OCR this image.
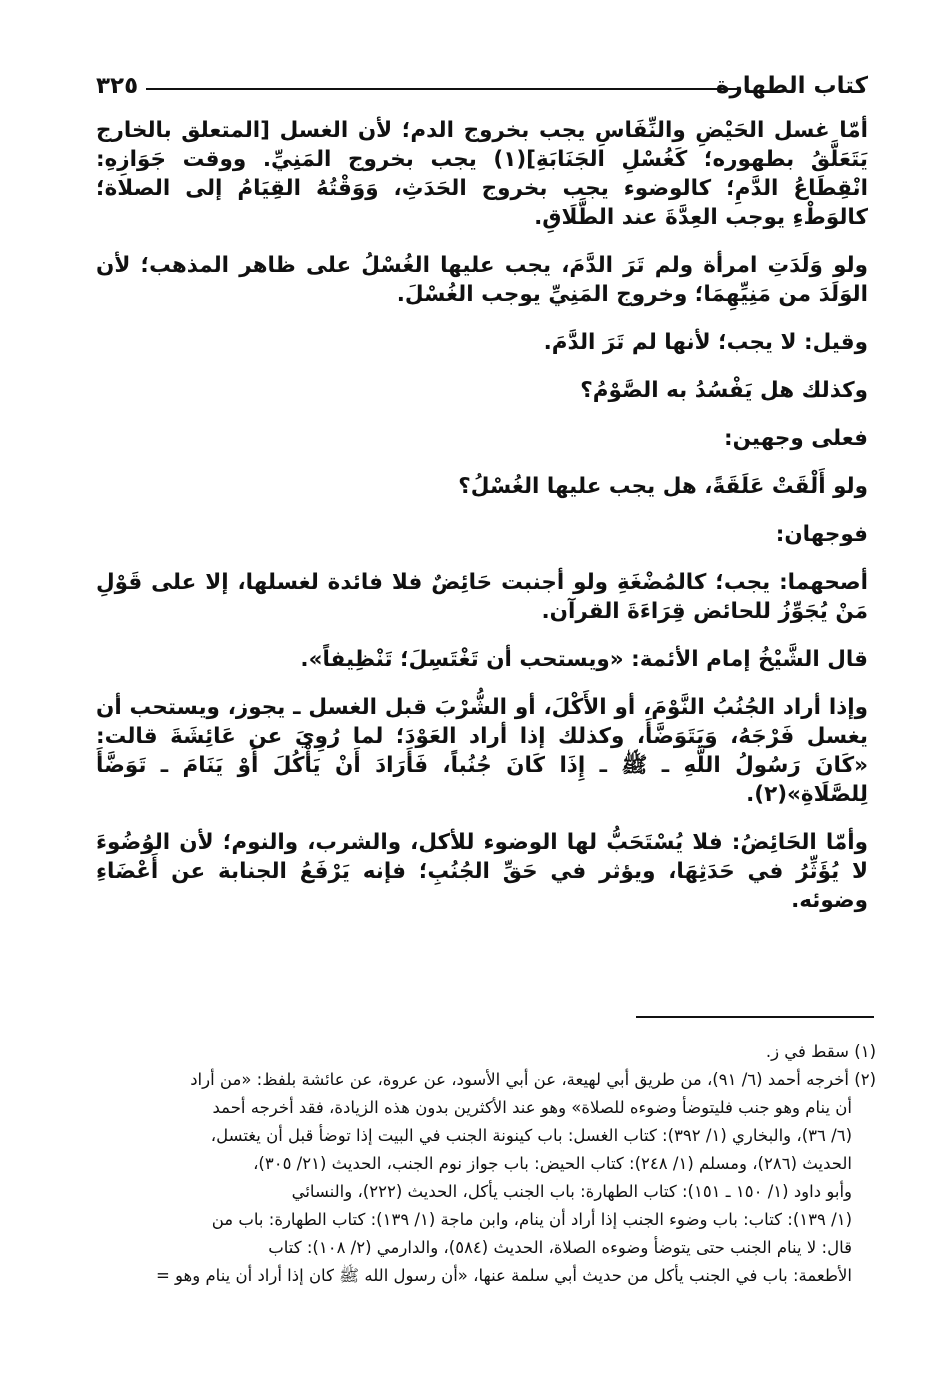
كتاب الطهارة
٣٢٥

أمّا غسل الحَيْضِ والنِّفَاسِ يجب بخروج الدم؛ لأن الغسل [المتعلق بالخارج يَتَعَلَّقُ بطهوره؛ كَغُسْلِ الجَنَابَةِ](١) يجب بخروج المَنِيِّ. ووقت جَوَازِهِ: انْقِطَاعُ الدَّمِ؛ كالوضوء يجب بخروج الحَدَثِ، وَوَقْتُهُ القِيَامُ إلى الصلاة؛ كالوَطْءِ يوجب العِدَّةَ عند الطَّلَاقِ.

ولو وَلَدَتِ امرأة ولم تَرَ الدَّمَ، يجب عليها الغُسْلُ على ظاهر المذهب؛ لأن الوَلَدَ من مَنِيِّهِمَا؛ وخروج المَنِيِّ يوجب الغُسْلَ.

وقيل: لا يجب؛ لأنها لم تَرَ الدَّمَ.

وكذلك هل يَفْسُدُ به الصَّوْمُ؟

فعلى وجهين:

ولو أَلْقَتْ عَلَقَةً، هل يجب عليها الغُسْلُ؟

فوجهان:

أصحهما: يجب؛ كالمُضْغَةِ ولو أجنبت حَائِضٌ فلا فائدة لغسلها، إلا على قَوْلِ مَنْ يُجَوِّزُ للحائض قِرَاءَةَ القرآن.

قال الشَّيْخُ إمام الأئمة: «ويستحب أن تَغْتَسِلَ؛ تَنْظِيفاً».

وإذا أراد الجُنُبُ النَّوْمَ، أو الأَكْلَ، أو الشُّرْبَ قبل الغسل ـ يجوز، ويستحب أن يغسل فَرْجَهُ، وَيَتَوَضَّأَ، وكذلك إذا أراد العَوْدَ؛ لما رُوِيَ عن عَائِشَةَ قالت: «كَانَ رَسُولُ اللَّهِ ـ ﷺ ـ إِذَا كَانَ جُنُباً، فَأَرَادَ أَنْ يَأْكُلَ أَوْ يَنَامَ ـ تَوَضَّأَ لِلصَّلَاةِ»(٢).

وأمّا الحَائِضُ: فلا يُسْتَحَبُّ لها الوضوء للأكل، والشرب، والنوم؛ لأن الوُضُوءَ لا يُؤَثِّرُ في حَدَثِهَا، ويؤثر في حَقِّ الجُنُبِ؛ فإنه يَرْفَعُ الجنابة عن أَعْضَاءِ وضوئه.

(١) سقط في ز.

(٢) أخرجه أحمد (٦/ ٩١)، من طريق أبي لهيعة، عن أبي الأسود، عن عروة، عن عائشة بلفظ: «من أراد

أن ينام وهو جنب فليتوضأ وضوءه للصلاة» وهو عند الأكثرين بدون هذه الزيادة، فقد أخرجه أحمد

(٦/ ٣٦)، والبخاري (١/ ٣٩٢): كتاب الغسل: باب كينونة الجنب في البيت إذا توضأ قبل أن يغتسل،

الحديث (٢٨٦)، ومسلم (١/ ٢٤٨): كتاب الحيض: باب جواز نوم الجنب، الحديث (٢١/ ٣٠٥)،

وأبو داود (١/ ١٥٠ ـ ١٥١): كتاب الطهارة: باب الجنب يأكل، الحديث (٢٢٢)، والنسائي

(١/ ١٣٩): كتاب: باب وضوء الجنب إذا أراد أن ينام، وابن ماجة (١/ ١٣٩): كتاب الطهارة: باب من

قال: لا ينام الجنب حتى يتوضأ وضوءه الصلاة، الحديث (٥٨٤)، والدارمي (٢/ ١٠٨): كتاب

الأطعمة: باب في الجنب يأكل من حديث أبي سلمة عنها، «أن رسول الله ﷺ كان إذا أراد أن ينام وهو =
